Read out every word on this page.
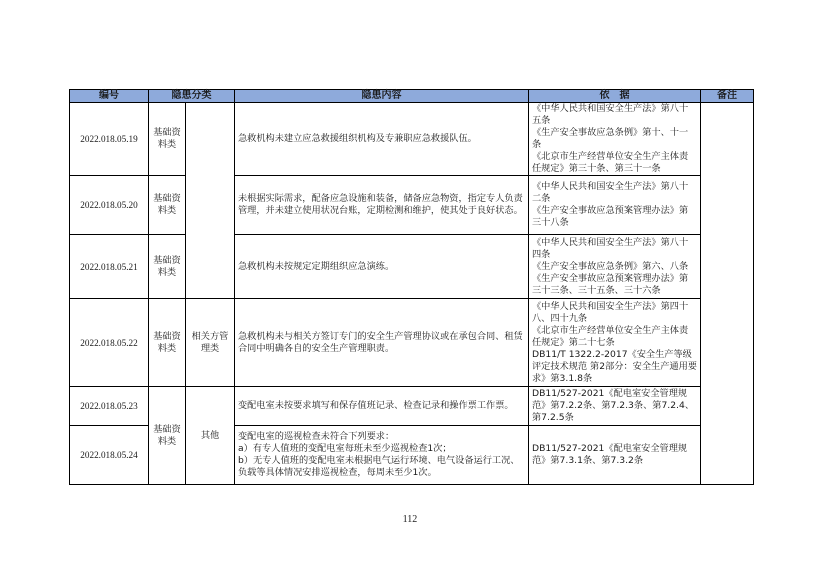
编号	隐患分类		隐患内容	依　据	备注
2022.018.05.19	基础资料类		急救机构未建立应急救援组织机构及专兼职应急救援队伍。	《中华人民共和国安全生产法》第八十五条
《生产安全事故应急条例》第十、十一条
《北京市生产经营单位安全生产主体责任规定》第三十条、第三十一条	

2022.018.05.20	基础资料类		未根据实际需求，配备应急设施和装备，储备应急物资，指定专人负责管理，并未建立使用状况台账，定期检测和维护，使其处于良好状态。	《中华人民共和国安全生产法》第八十二条
《生产安全事故应急预案管理办法》第三十八条	

2022.018.05.21	基础资料类		急救机构未按规定定期组织应急演练。	《中华人民共和国安全生产法》第八十四条
《生产安全事故应急条例》第六、八条
《生产安全事故应急预案管理办法》第三十三条、三十五条、三十六条	

2022.018.05.22	基础资料类	相关方管理类	急救机构未与相关方签订专门的安全生产管理协议或在承包合同、租赁合同中明确各自的安全生产管理职责。	《中华人民共和国安全生产法》第四十八、四十九条
《北京市生产经营单位安全生产主体责任规定》第二十七条
DB11/T 1322.2-2017《安全生产等级评定技术规范 第2部分：安全生产通用要求》第3.1.8条	

2022.018.05.23	基础资料类	其他	变配电室未按要求填写和保存值班记录、检查记录和操作票工作票。	DB11/527-2021《配电室安全管理规范》第7.2.2条、第7.2.3条、第7.2.4、第7.2.5条	

2022.018.05.24			变配电室的巡视检查未符合下列要求：
a）有专人值班的变配电室每班未至少巡视检查1次；
b）无专人值班的变配电室未根据电气运行环境、电气设备运行工况、负载等具体情况安排巡视检查，每周未至少1次。	DB11/527-2021《配电室安全管理规范》第7.3.1条、第7.3.2条	
112
